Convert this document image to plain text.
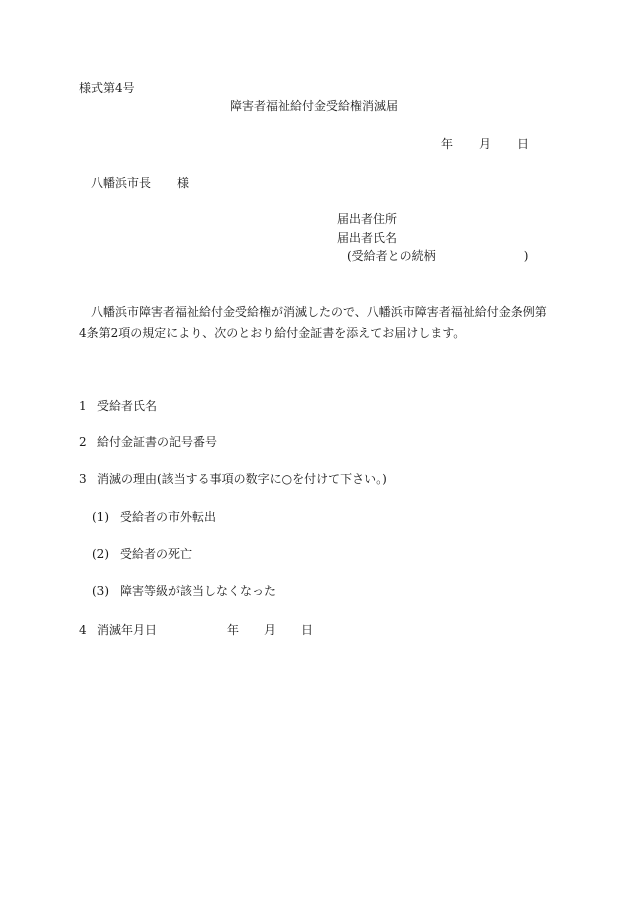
様式第4号
障害者福祉給付金受給権消滅届
年 月 日
八幡浜市長 様
届出者住所
届出者氏名
(受給者との続柄	)
八幡浜市障害者福祉給付金受給権が消滅したので、八幡浜市障害者福祉給付金条例第4条第2項の規定により、次のとおり給付金証書を添えてお届けします。
1 受給者氏名
2 給付金証書の記号番号
3 消滅の理由(該当する事項の数字に○を付けて下さい。)
(1) 受給者の市外転出
(2) 受給者の死亡
(3) 障害等級が該当しなくなった
4 消滅年月日	年 月 日
